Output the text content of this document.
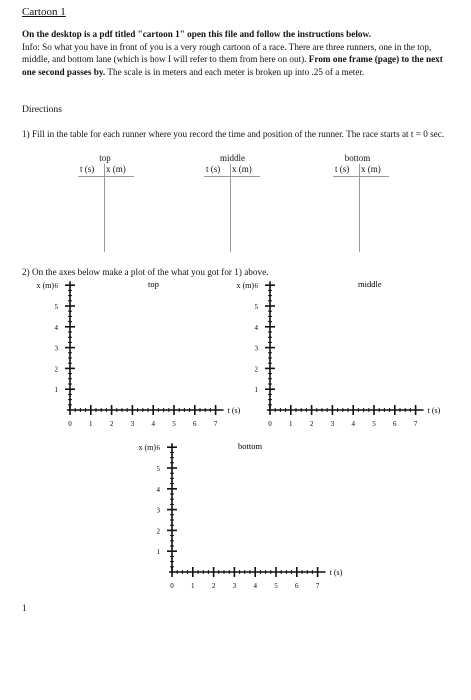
Cartoon 1
On the desktop is a pdf titled "cartoon 1" open this file and follow the instructions below.
Info: So what you have in front of you is a very rough cartoon of a race. There are three runners, one in the top, middle, and bottom lane (which is how I will refer to them from here on out). From one frame (page) to the next one second passes by. The scale is in meters and each meter is broken up into .25 of a meter.
Directions
1) Fill in the table for each runner where you record the time and position of the runner. The race starts at t = 0 sec.
top
t (s) x (m)
middle
t (s) x (m)
bottom
t (s) x (m)
2) On the axes below make a plot of the what you got for 1) above.
1
2
3
4
5
6
0 1 2 3 4 5 6 7
x (m)
t (s)
top
1
2
3
4
5
6
0 1 2 3 4 5 6 7
x (m)
t (s)
middle
1
2
3
4
5
6
0 1 2 3 4 5 6 7
x (m)
t (s)
bottom
1
